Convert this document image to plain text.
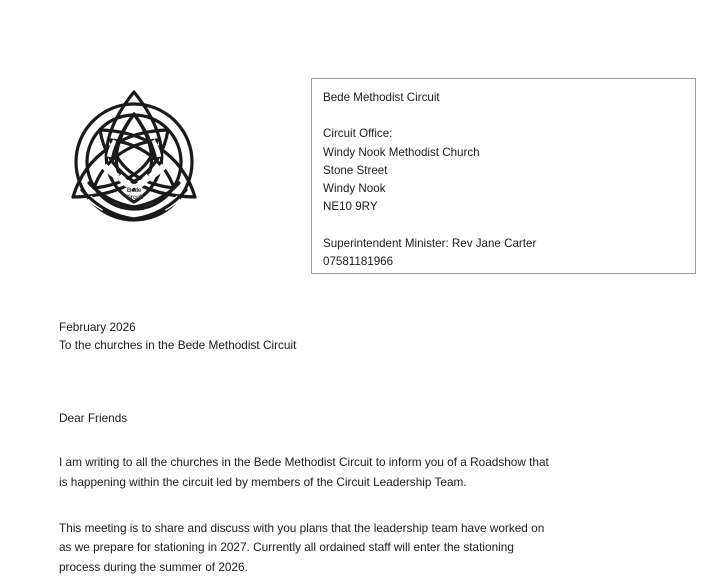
Bede
Circuit
Bede Methodist Circuit
Circuit Office:
Windy Nook Methodist Church
Stone Street
Windy Nook
NE10 9RY
Superintendent Minister: Rev Jane Carter
07581181966
February 2026
To the churches in the Bede Methodist Circuit
Dear Friends
I am writing to all the churches in the Bede Methodist Circuit to inform you of a Roadshow that
is happening within the circuit led by members of the Circuit Leadership Team.
This meeting is to share and discuss with you plans that the leadership team have worked on
as we prepare for stationing in 2027. Currently all ordained staff will enter the stationing
process during the summer of 2026.
